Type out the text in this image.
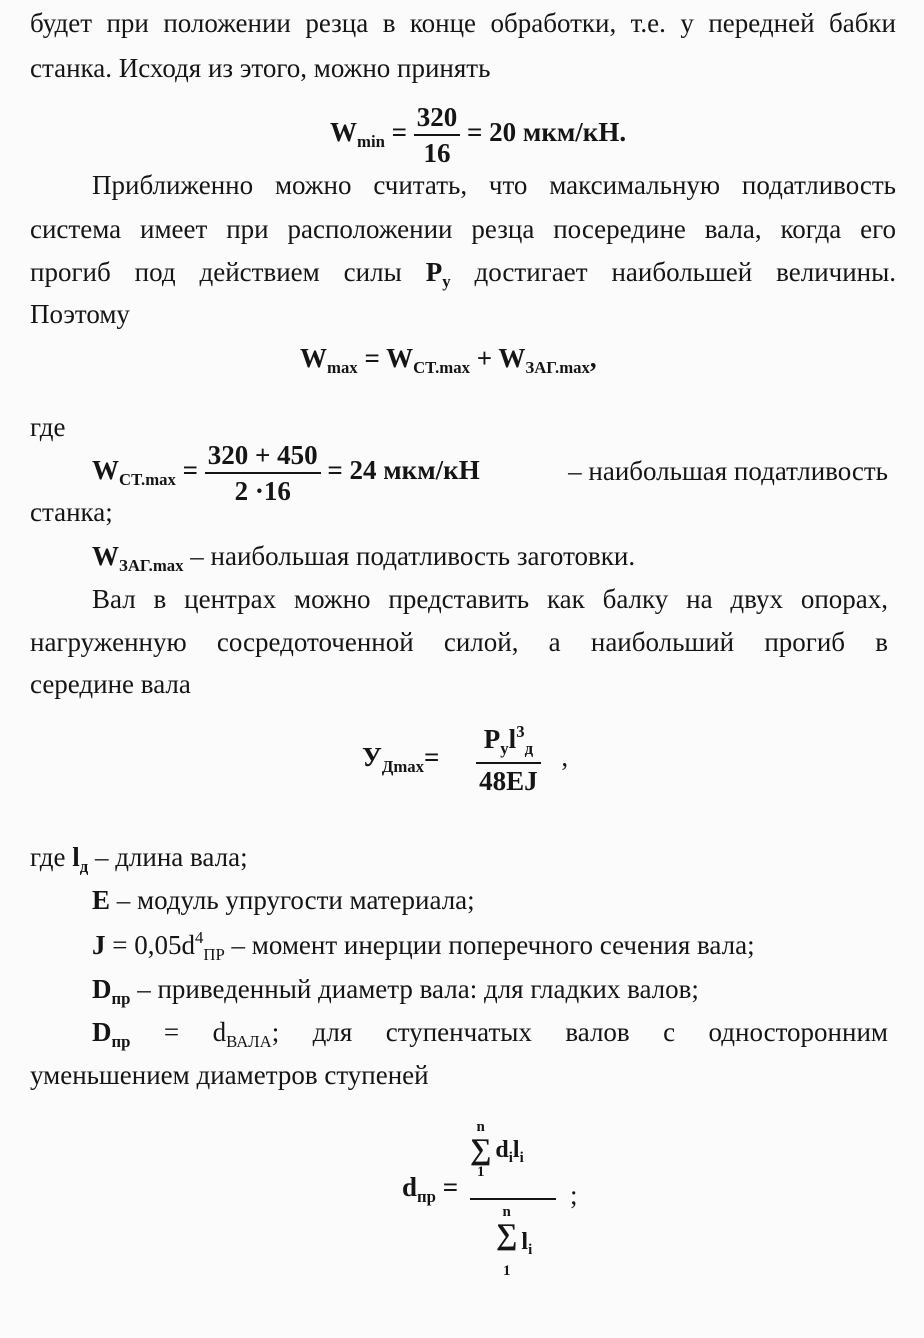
будет при положении резца в конце обработки, т.е. у передней бабки
станка. Исходя из этого, можно принять
$W_{min} = \frac{320}{16} = 20$ мкм/кН.
Приближенно можно считать, что максимальную податливость
система имеет при расположении резца посередине вала, когда его
прогиб под действием силы $P_y$ достигает наибольшей величины.
Поэтому
$W_{max} = W_{CT.max} + W_{ЗАГ.max}$,
где
$W_{CT.max} = \frac{320 + 450}{2 \cdot 16} = 24$ мкм/кН	– наибольшая податливость
станка;
$W_{ЗАГ.max}$ – наибольшая податливость заготовки.
Вал в центрах можно представить как балку на двух опорах,
нагруженную сосредоточенной силой, а наибольший прогиб в
середине вала
$У_{Дmax}= \frac{P_yl^3_д}{48EJ}$ ,
где $l_д$ – длина вала;
E – модуль упругости материала;
$J = 0,05d^4_{ПР}$ – момент инерции поперечного сечения вала;
$D_{пр}$ – приведенный диаметр вала: для гладких валов;
$D_{пр} = d_{ВАЛА}$; для ступенчатых валов с односторонним
уменьшением диаметров ступеней
$d_{пр}$ =
n
∑
1
$d_il_i$
n
∑
1
$l_i$
;
